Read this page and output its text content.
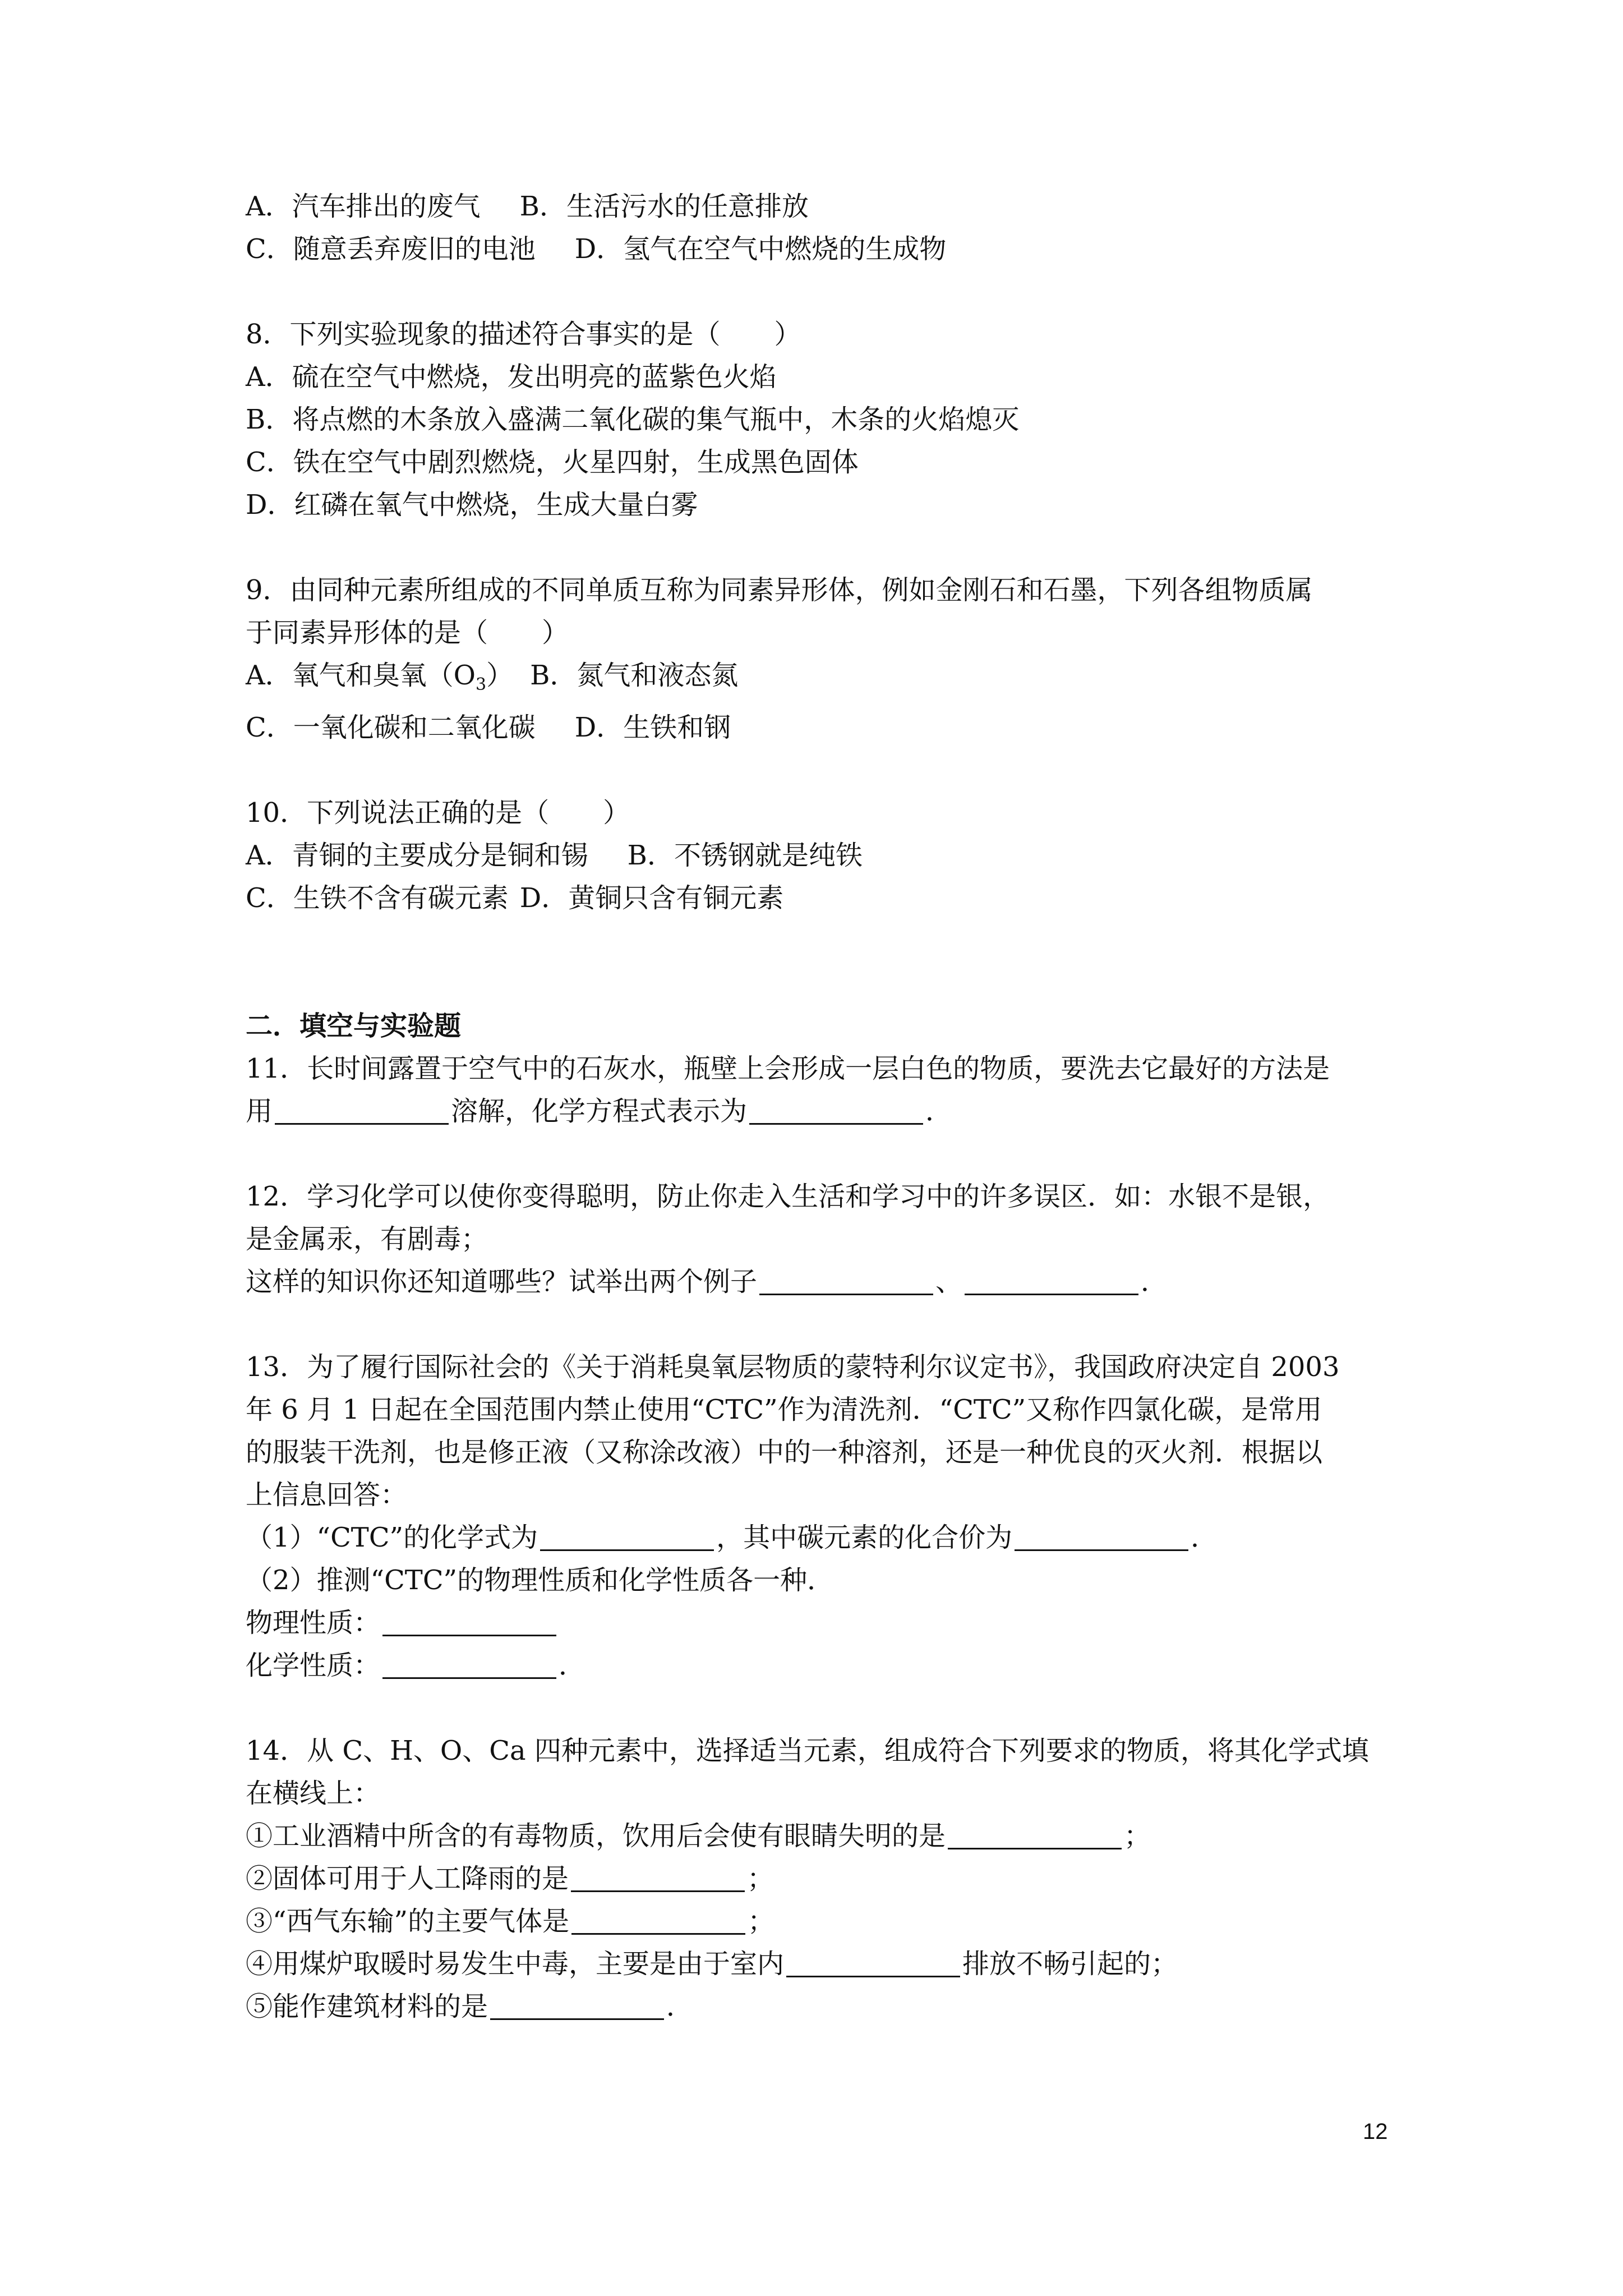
A．汽车排出的废气 B．生活污水的任意排放
C．随意丢弃废旧的电池 D．氢气在空气中燃烧的生成物
8．下列实验现象的描述符合事实的是（　　）
A．硫在空气中燃烧，发出明亮的蓝紫色火焰
B．将点燃的木条放入盛满二氧化碳的集气瓶中，木条的火焰熄灭
C．铁在空气中剧烈燃烧，火星四射，生成黑色固体
D．红磷在氧气中燃烧，生成大量白雾
9．由同种元素所组成的不同单质互称为同素异形体，例如金刚石和石墨，下列各组物质属
于同素异形体的是（　　）
A．氧气和臭氧$(O_3)$ B．氮气和液态氮
C．一氧化碳和二氧化碳 D．生铁和钢
10．下列说法正确的是（　　）
A．青铜的主要成分是铜和锡 B．不锈钢就是纯铁
C．生铁不含有碳元素 D．黄铜只含有铜元素
二．填空与实验题
11．长时间露置于空气中的石灰水，瓶壁上会形成一层白色的物质，要洗去它最好的方法是
用	溶解，化学方程式表示为	．
12．学习化学可以使你变得聪明，防止你走入生活和学习中的许多误区．如：水银不是银，
是金属汞，有剧毒；
这样的知识你还知道哪些？试举出两个例子	、	．
13．为了履行国际社会的《关于消耗臭氧层物质的蒙特利尔议定书》，我国政府决定自 2003
年 6 月 1 日起在全国范围内禁止使用“CTC”作为清洗剂．“CTC”又称作四氯化碳，是常用
的服装干洗剂，也是修正液（又称涂改液）中的一种溶剂，还是一种优良的灭火剂．根据以
上信息回答：
（1）“CTC”的化学式为	，其中碳元素的化合价为	．
（2）推测“CTC”的物理性质和化学性质各一种．
物理性质：
化学性质：	．
14．从 C、H、O、Ca 四种元素中，选择适当元素，组成符合下列要求的物质，将其化学式填
在横线上：
①工业酒精中所含的有毒物质，饮用后会使有眼睛失明的是	；
②固体可用于人工降雨的是	；
③“西气东输”的主要气体是	；
④用煤炉取暖时易发生中毒，主要是由于室内	排放不畅引起的；
⑤能作建筑材料的是	．
12
